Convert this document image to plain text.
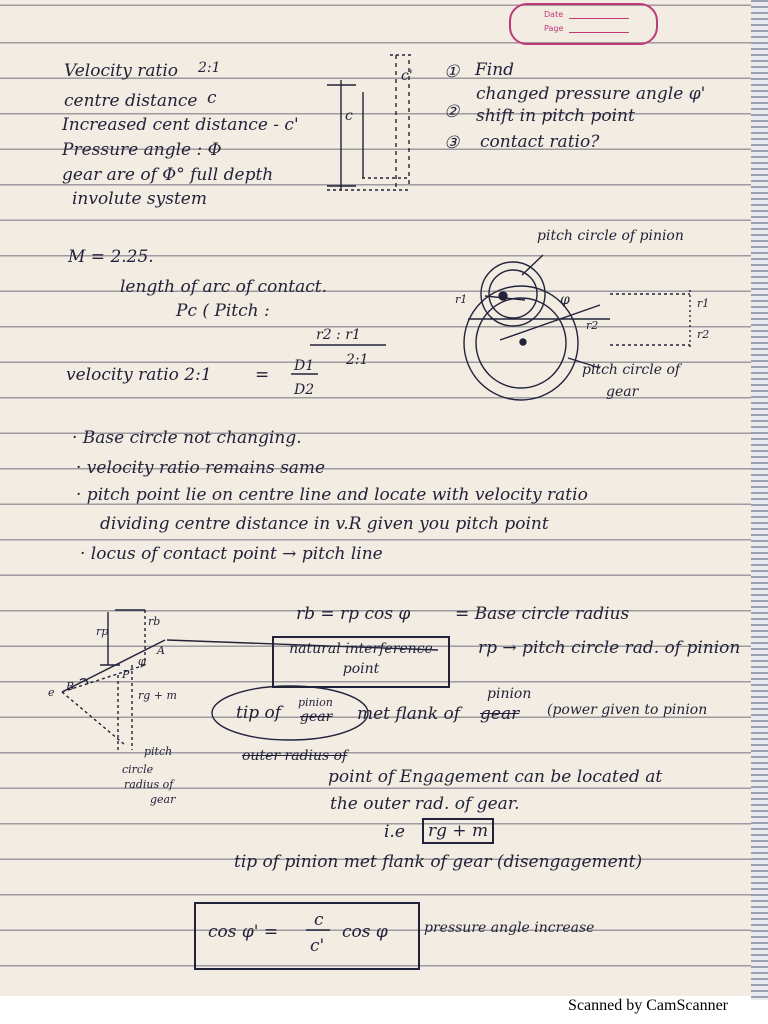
Date
Page
Velocity ratio 2:1
centre distance c
Increased cent distance - c'
Pressure angle : Φ
gear are of Φ° full depth
involute system
c'
c
① Find
changed pressure angle φ'
② shift in pitch point
③ contact ratio?
M = 2.25.
length of arc of contact.
Pc ( Pitch :
r2 : r1
2:1
velocity ratio 2:1	= D1
D2
pitch circle of pinion
r1	φ
r2
r1
r2
pitch circle of
gear
· Base circle not changing.
· velocity ratio remains same
· pitch point lie on centre line and locate with velocity ratio
dividing centre distance in v.R given you pitch point
· locus of contact point → pitch line
rb = rp cos φ	= Base circle radius
natural interference
point
rp → pitch circle rad. of pinion
tip of
pinion
gear met flank of
pinion
gear (power given to pinion
outer radius of
point of Engagement can be located at
the outer rad. of gear.
i.e	rg + m
tip of pinion met flank of gear (disengagement)
cos φ' =
c
c'
cos φ	pressure angle increase
rb
rp
A
P
φ
e B
rg + m
pitch
circle
radius of
gear
Scanned by CamScanner
